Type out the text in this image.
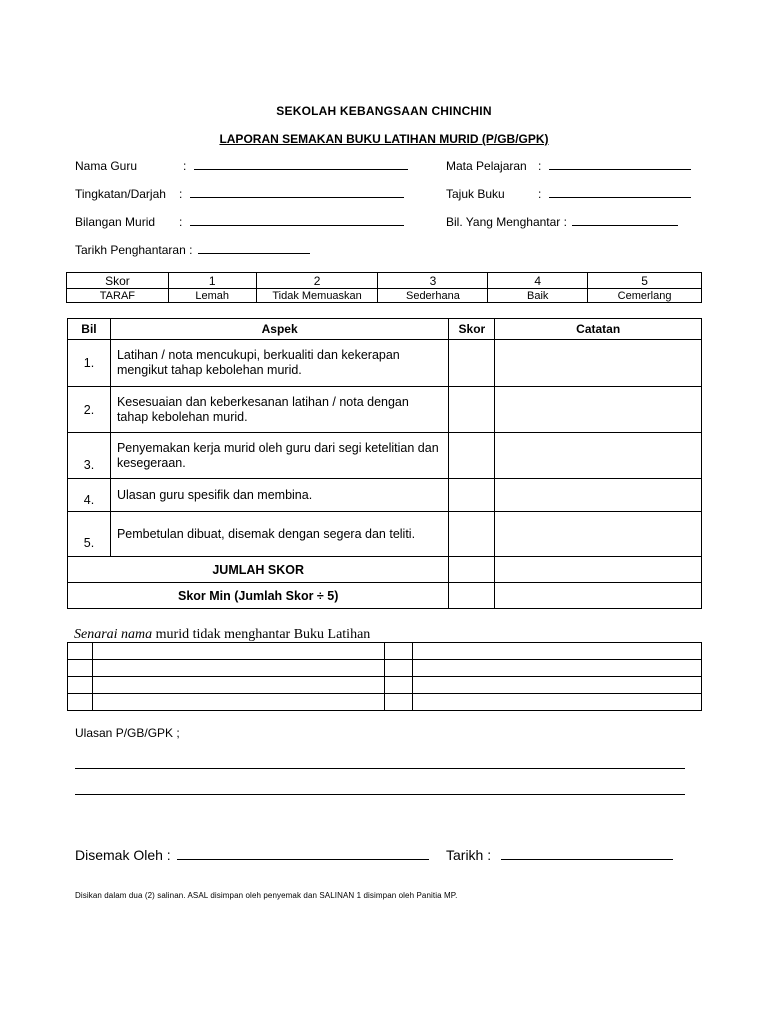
SEKOLAH KEBANGSAAN CHINCHIN
LAPORAN SEMAKAN BUKU LATIHAN MURID (P/GB/GPK)
Nama Guru	:
Tingkatan/Darjah :
Bilangan Murid :
Tarikh Penghantaran :
Mata Pelajaran :
Tajuk Buku	:
Bil. Yang Menghantar :
Skor	1	2	3	4	5
TARAF	Lemah	Tidak Memuaskan	Sederhana	Baik	Cemerlang
Bil	Aspek	Skor	Catatan
1.	Latihan / nota mencukupi, berkualiti dan kekerapan mengikut tahap kebolehan murid.		
2.	Kesesuaian dan keberkesanan latihan / nota dengan tahap kebolehan murid.		
3.	Penyemakan kerja murid oleh guru dari segi ketelitian dan kesegeraan.		
4.	Ulasan guru spesifik dan membina.		
5.	Pembetulan dibuat, disemak dengan segera dan teliti.		
JUMLAH SKOR			
Skor Min (Jumlah Skor ÷ 5)			
Senarai nama murid tidak menghantar Buku Latihan

Ulasan P/GB/GPK ;
Disemak Oleh :	Tarikh :
Disikan dalam dua (2) salinan. ASAL disimpan oleh penyemak dan SALINAN 1 disimpan oleh Panitia MP.
